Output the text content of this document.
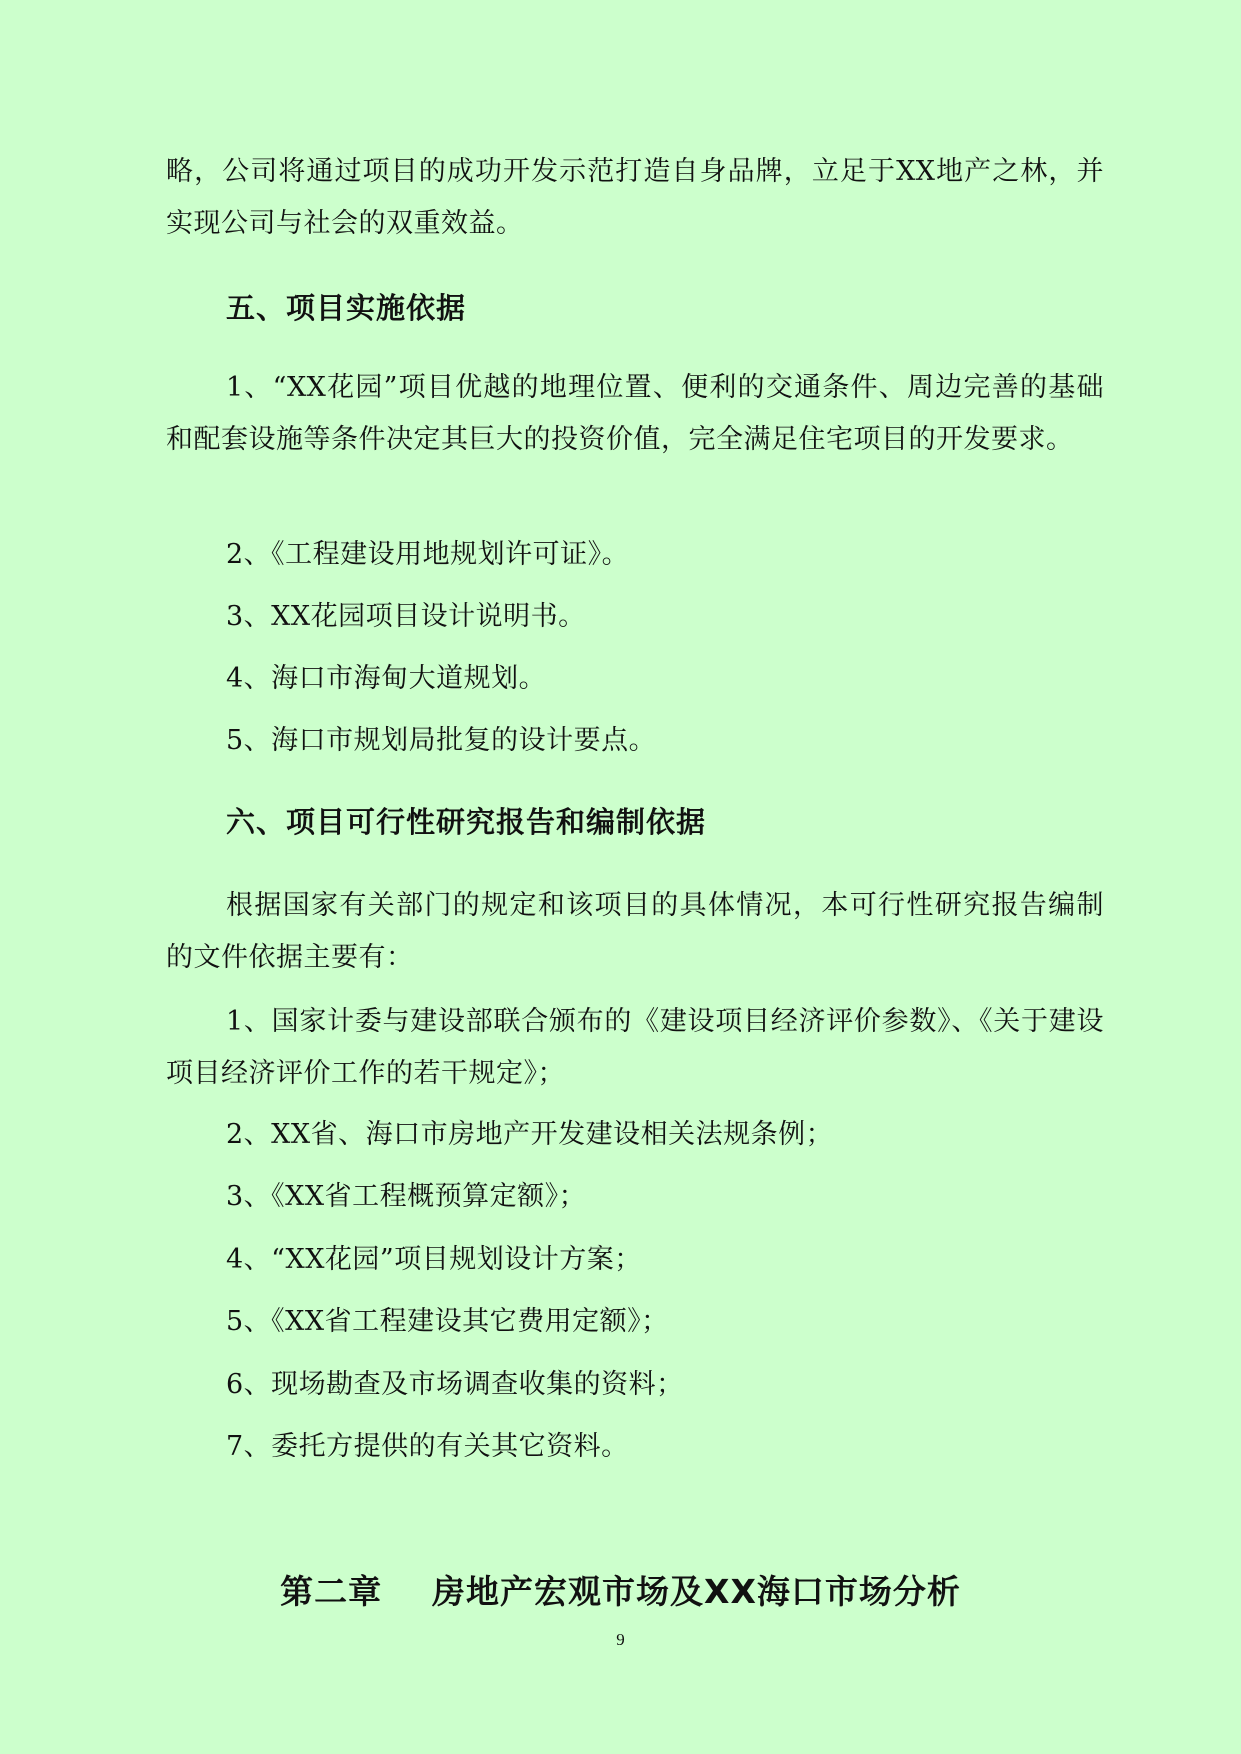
略，公司将通过项目的成功开发示范打造自身品牌，立足于XX地产之林，并实现公司与社会的双重效益。

五、项目实施依据

1、“XX花园”项目优越的地理位置、便利的交通条件、周边完善的基础和配套设施等条件决定其巨大的投资价值，完全满足住宅项目的开发要求。

2、《工程建设用地规划许可证》。

3、XX花园项目设计说明书。

4、海口市海甸大道规划。

5、海口市规划局批复的设计要点。

六、项目可行性研究报告和编制依据

根据国家有关部门的规定和该项目的具体情况，本可行性研究报告编制的文件依据主要有：

1、国家计委与建设部联合颁布的《建设项目经济评价参数》、《关于建设项目经济评价工作的若干规定》；

2、XX省、海口市房地产开发建设相关法规条例；

3、《XX省工程概预算定额》；

4、“XX花园”项目规划设计方案；

5、《XX省工程建设其它费用定额》；

6、现场勘查及市场调查收集的资料；

7、委托方提供的有关其它资料。

第二章    房地产宏观市场及XX海口市场分析

9
